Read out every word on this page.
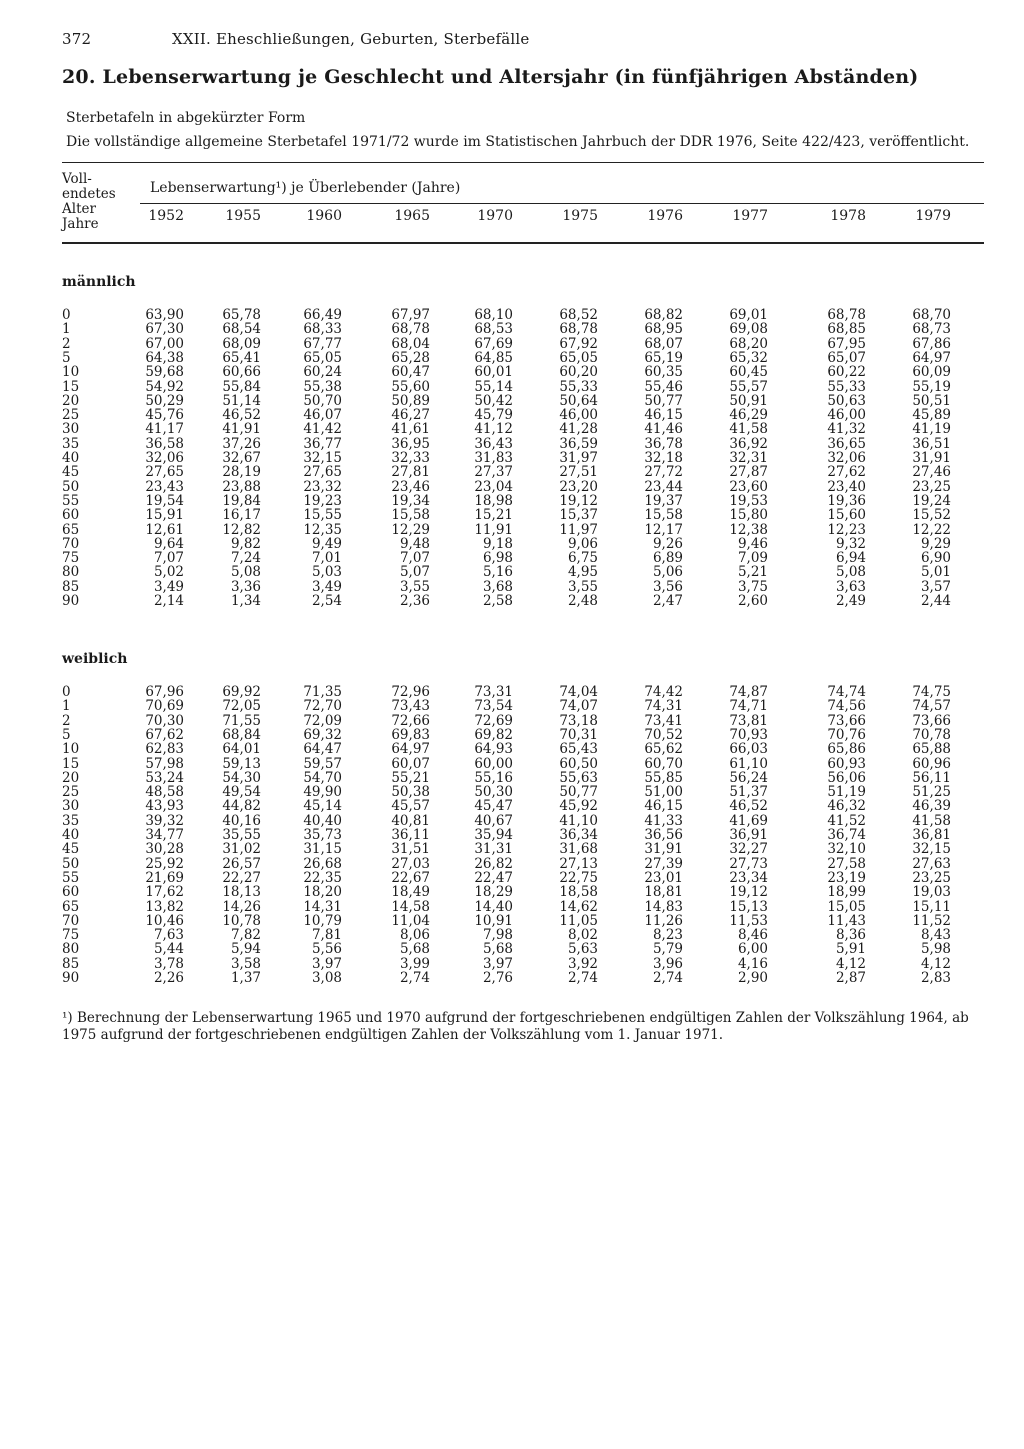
372	XXII. Eheschließungen, Geburten, Sterbefälle
20. Lebenserwartung je Geschlecht und Altersjahr (in fünfjährigen Abständen)
Sterbetafeln in abgekürzter Form
Die vollständige allgemeine Sterbetafel 1971/72 wurde im Statistischen Jahrbuch der DDR 1976, Seite 422/423, veröffentlicht.
Voll-
endetes
Alter
Jahre
Lebenserwartung¹) je Überlebender (Jahre)
1952	1955	1960	1965	1970	1975	1976	1977	1978	1979
männlich
0	63,90	65,78	66,49	67,97	68,10	68,52	68,82	69,01	68,78	68,70
1	67,30	68,54	68,33	68,78	68,53	68,78	68,95	69,08	68,85	68,73
2	67,00	68,09	67,77	68,04	67,69	67,92	68,07	68,20	67,95	67,86
5	64,38	65,41	65,05	65,28	64,85	65,05	65,19	65,32	65,07	64,97
10	59,68	60,66	60,24	60,47	60,01	60,20	60,35	60,45	60,22	60,09
15	54,92	55,84	55,38	55,60	55,14	55,33	55,46	55,57	55,33	55,19
20	50,29	51,14	50,70	50,89	50,42	50,64	50,77	50,91	50,63	50,51
25	45,76	46,52	46,07	46,27	45,79	46,00	46,15	46,29	46,00	45,89
30	41,17	41,91	41,42	41,61	41,12	41,28	41,46	41,58	41,32	41,19
35	36,58	37,26	36,77	36,95	36,43	36,59	36,78	36,92	36,65	36,51
40	32,06	32,67	32,15	32,33	31,83	31,97	32,18	32,31	32,06	31,91
45	27,65	28,19	27,65	27,81	27,37	27,51	27,72	27,87	27,62	27,46
50	23,43	23,88	23,32	23,46	23,04	23,20	23,44	23,60	23,40	23,25
55	19,54	19,84	19,23	19,34	18,98	19,12	19,37	19,53	19,36	19,24
60	15,91	16,17	15,55	15,58	15,21	15,37	15,58	15,80	15,60	15,52
65	12,61	12,82	12,35	12,29	11,91	11,97	12,17	12,38	12,23	12,22
70	9,64	9,82	9,49	9,48	9,18	9,06	9,26	9,46	9,32	9,29
75	7,07	7,24	7,01	7,07	6,98	6,75	6,89	7,09	6,94	6,90
80	5,02	5,08	5,03	5,07	5,16	4,95	5,06	5,21	5,08	5,01
85	3,49	3,36	3,49	3,55	3,68	3,55	3,56	3,75	3,63	3,57
90	2,14	1,34	2,54	2,36	2,58	2,48	2,47	2,60	2,49	2,44
weiblich
0	67,96	69,92	71,35	72,96	73,31	74,04	74,42	74,87	74,74	74,75
1	70,69	72,05	72,70	73,43	73,54	74,07	74,31	74,71	74,56	74,57
2	70,30	71,55	72,09	72,66	72,69	73,18	73,41	73,81	73,66	73,66
5	67,62	68,84	69,32	69,83	69,82	70,31	70,52	70,93	70,76	70,78
10	62,83	64,01	64,47	64,97	64,93	65,43	65,62	66,03	65,86	65,88
15	57,98	59,13	59,57	60,07	60,00	60,50	60,70	61,10	60,93	60,96
20	53,24	54,30	54,70	55,21	55,16	55,63	55,85	56,24	56,06	56,11
25	48,58	49,54	49,90	50,38	50,30	50,77	51,00	51,37	51,19	51,25
30	43,93	44,82	45,14	45,57	45,47	45,92	46,15	46,52	46,32	46,39
35	39,32	40,16	40,40	40,81	40,67	41,10	41,33	41,69	41,52	41,58
40	34,77	35,55	35,73	36,11	35,94	36,34	36,56	36,91	36,74	36,81
45	30,28	31,02	31,15	31,51	31,31	31,68	31,91	32,27	32,10	32,15
50	25,92	26,57	26,68	27,03	26,82	27,13	27,39	27,73	27,58	27,63
55	21,69	22,27	22,35	22,67	22,47	22,75	23,01	23,34	23,19	23,25
60	17,62	18,13	18,20	18,49	18,29	18,58	18,81	19,12	18,99	19,03
65	13,82	14,26	14,31	14,58	14,40	14,62	14,83	15,13	15,05	15,11
70	10,46	10,78	10,79	11,04	10,91	11,05	11,26	11,53	11,43	11,52
75	7,63	7,82	7,81	8,06	7,98	8,02	8,23	8,46	8,36	8,43
80	5,44	5,94	5,56	5,68	5,68	5,63	5,79	6,00	5,91	5,98
85	3,78	3,58	3,97	3,99	3,97	3,92	3,96	4,16	4,12	4,12
90	2,26	1,37	3,08	2,74	2,76	2,74	2,74	2,90	2,87	2,83
¹) Berechnung der Lebenserwartung 1965 und 1970 aufgrund der fortgeschriebenen endgültigen Zahlen der Volkszählung 1964, ab 1975 aufgrund der fortgeschriebenen endgültigen Zahlen der Volkszählung vom 1. Januar 1971.
